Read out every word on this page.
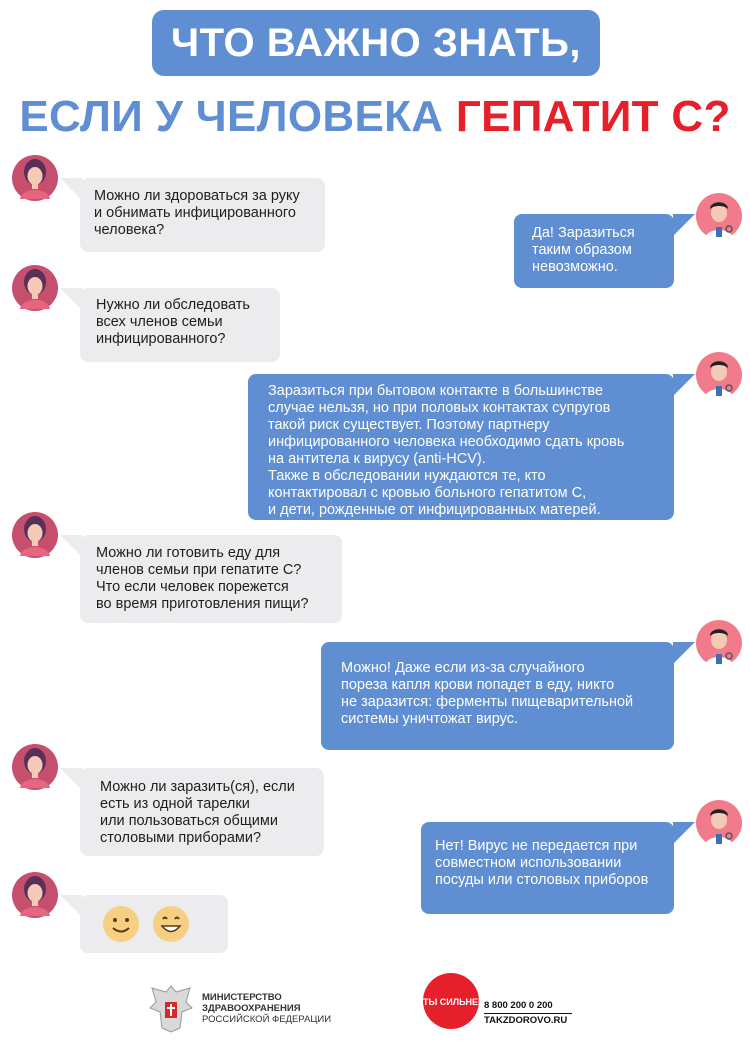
ЧТО ВАЖНО ЗНАТЬ,
ЕСЛИ У ЧЕЛОВЕКА ГЕПАТИТ С?
Можно ли здороваться за руку
и обнимать инфицированного
человека?	Да! Заразиться
таким образом
невозможно.
Нужно ли обследовать
всех членов семьи
инфицированного?
Заразиться при бытовом контакте в большинстве
случае нельзя, но при половых контактах супругов
такой риск существует. Поэтому партнеру
инфицированного человека необходимо сдать кровь
на антитела к вирусу (anti-HCV).
Также в обследовании нуждаются те, кто
контактировал с кровью больного гепатитом С,
и дети, рожденные от инфицированных матерей.
Можно ли готовить еду для
членов семьи при гепатите С?
Что если человек порежется
во время приготовления пищи?
Можно! Даже если из-за случайного
пореза капля крови попадет в еду, никто
не заразится: ферменты пищеварительной
системы уничтожат вирус.
Можно ли заразить(ся), если
есть из одной тарелки
или пользоваться общими
столовыми приборами?	Нет! Вирус не передается при
совместном использовании
посуды или столовых приборов

МИНИСТЕРСТВО
ЗДРАВООХРАНЕНИЯ
РОССИЙСКОЙ ФЕДЕРАЦИИ
#ТЫ СИЛЬНЕЕ 8 800 200 0 200
TAKZDOROVO.RU
